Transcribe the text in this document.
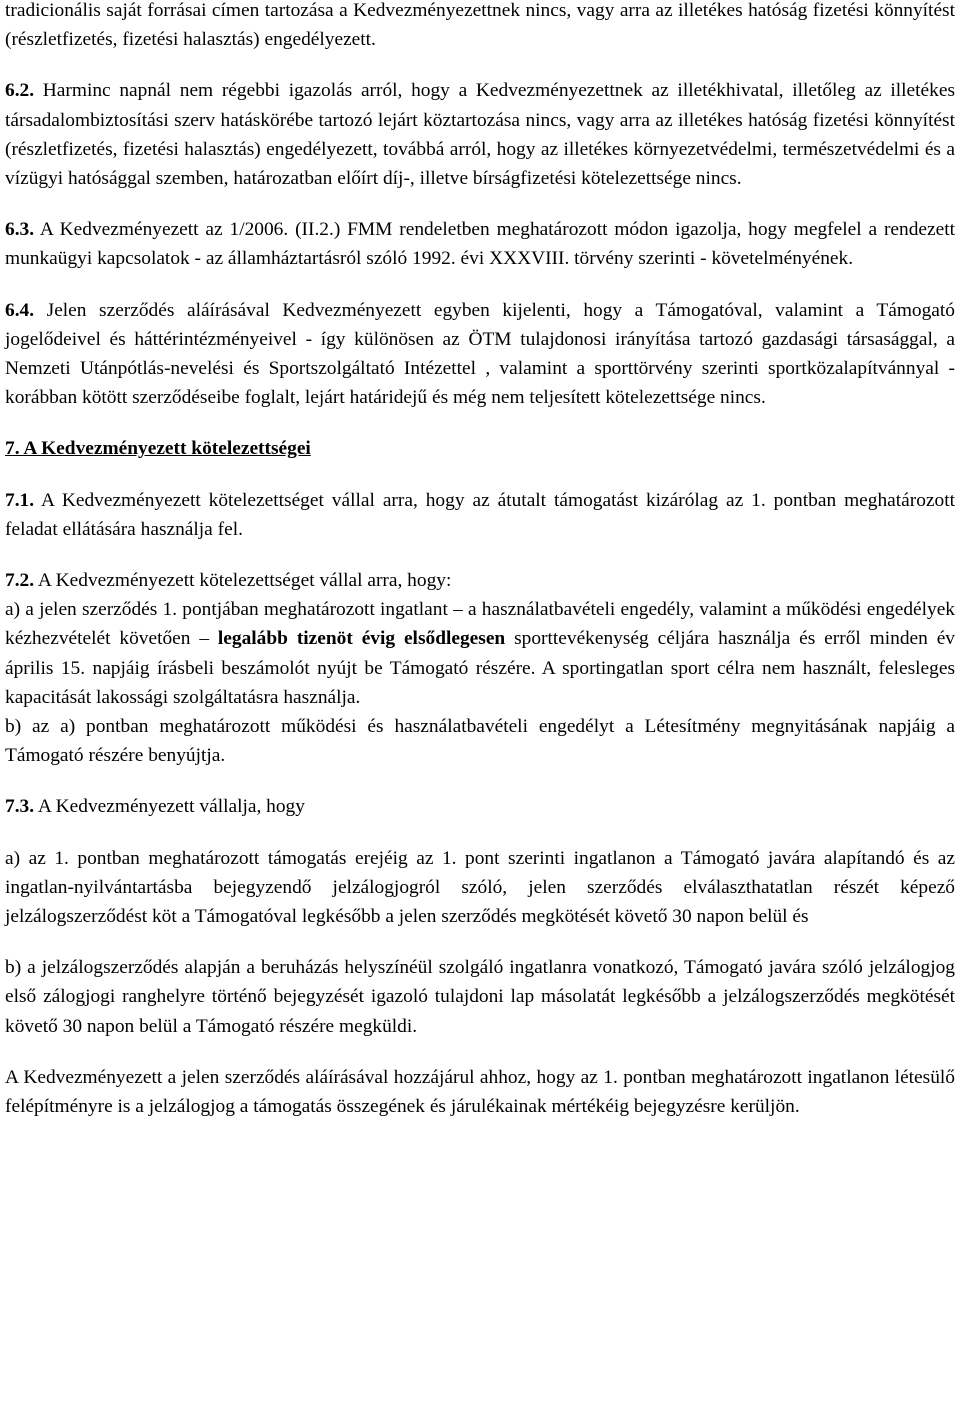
tradicionális saját forrásai címen tartozása a Kedvezményezettnek nincs, vagy arra az illetékes hatóság fizetési könnyítést (részletfizetés, fizetési halasztás) engedélyezett.

6.2. Harminc napnál nem régebbi igazolás arról, hogy a Kedvezményezettnek az illetékhivatal, illetőleg az illetékes társadalombiztosítási szerv hatáskörébe tartozó lejárt köztartozása nincs, vagy arra az illetékes hatóság fizetési könnyítést (részletfizetés, fizetési halasztás) engedélyezett, továbbá arról, hogy az illetékes környezetvédelmi, természetvédelmi és a vízügyi hatósággal szemben, határozatban előírt díj-, illetve bírságfizetési kötelezettsége nincs.

6.3. A Kedvezményezett az 1/2006. (II.2.) FMM rendeletben meghatározott módon igazolja, hogy megfelel a rendezett munkaügyi kapcsolatok - az államháztartásról szóló 1992. évi XXXVIII. törvény szerinti - követelményének.

6.4. Jelen szerződés aláírásával Kedvezményezett egyben kijelenti, hogy a Támogatóval, valamint a Támogató jogelődeivel és háttérintézményeivel - így különösen az ÖTM tulajdonosi irányítása tartozó gazdasági társasággal, a Nemzeti Utánpótlás-nevelési és Sportszolgáltató Intézettel , valamint a sporttörvény szerinti sportközalapítvánnyal - korábban kötött szerződéseibe foglalt, lejárt határidejű és még nem teljesített kötelezettsége nincs.

7. A Kedvezményezett kötelezettségei

7.1. A Kedvezményezett kötelezettséget vállal arra, hogy az átutalt támogatást kizárólag az 1. pontban meghatározott feladat ellátására használja fel.

7.2. A Kedvezményezett kötelezettséget vállal arra, hogy:

a) a jelen szerződés 1. pontjában meghatározott ingatlant – a használatbavételi engedély, valamint a működési engedélyek kézhezvételét követően – legalább tizenöt évig elsődlegesen sporttevékenység céljára használja és erről minden év április 15. napjáig írásbeli beszámolót nyújt be Támogató részére. A sportingatlan sport célra nem használt, felesleges kapacitását lakossági szolgáltatásra használja.

b) az a) pontban meghatározott működési és használatbavételi engedélyt a Létesítmény megnyitásának napjáig a Támogató részére benyújtja.

7.3. A Kedvezményezett vállalja, hogy

a) az 1. pontban meghatározott támogatás erejéig az 1. pont szerinti ingatlanon a Támogató javára alapítandó és az ingatlan-nyilvántartásba bejegyzendő jelzálogjogról szóló, jelen szerződés elválaszthatatlan részét képező jelzálogszerződést köt a Támogatóval legkésőbb a jelen szerződés megkötését követő 30 napon belül és

b) a jelzálogszerződés alapján a beruházás helyszínéül szolgáló ingatlanra vonatkozó, Támogató javára szóló jelzálogjog első zálogjogi ranghelyre történő bejegyzését igazoló tulajdoni lap másolatát legkésőbb a jelzálogszerződés megkötését követő 30 napon belül a Támogató részére megküldi.

A Kedvezményezett a jelen szerződés aláírásával hozzájárul ahhoz, hogy az 1. pontban meghatározott ingatlanon létesülő felépítményre is a jelzálogjog a támogatás összegének és járulékainak mértékéig bejegyzésre kerüljön.
